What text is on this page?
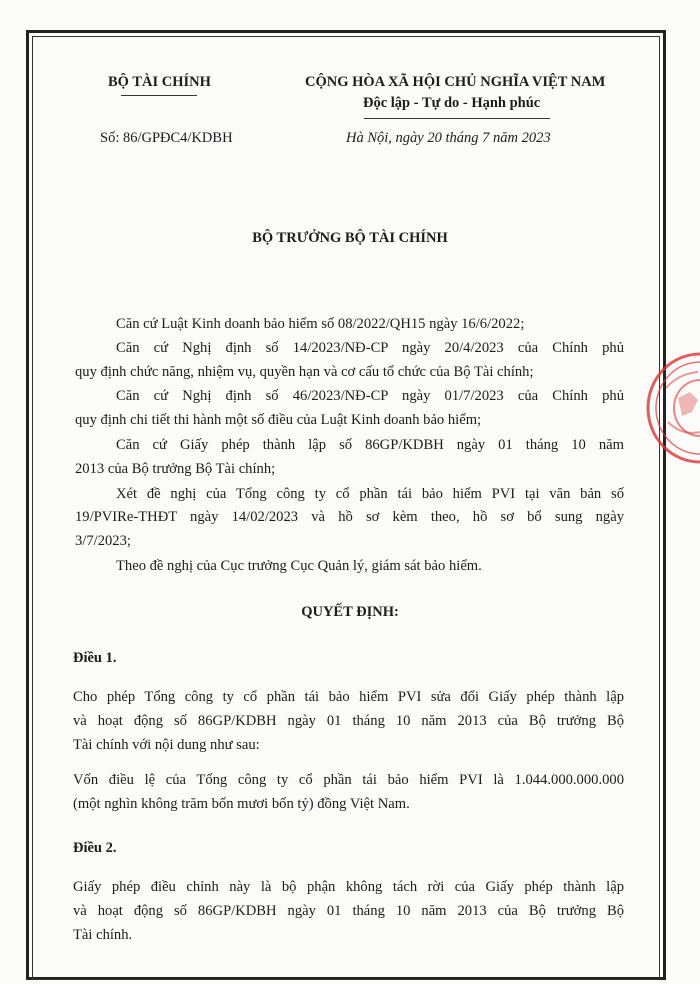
BỘ TÀI CHÍNH	CỘNG HÒA XÃ HỘI CHỦ NGHĨA VIỆT NAM
Độc lập - Tự do - Hạnh phúc
Số: 86/GPĐC4/KDBH	Hà Nội, ngày 20 tháng 7 năm 2023
BỘ TRƯỞNG BỘ TÀI CHÍNH
Căn cứ Luật Kinh doanh bảo hiểm số 08/2022/QH15 ngày 16/6/2022;
Căn cứ Nghị định số 14/2023/NĐ-CP ngày 20/4/2023 của Chính phủ
quy định chức năng, nhiệm vụ, quyền hạn và cơ cấu tổ chức của Bộ Tài chính;
Căn cứ Nghị định số 46/2023/NĐ-CP ngày 01/7/2023 của Chính phủ
quy định chi tiết thi hành một số điều của Luật Kinh doanh bảo hiểm;
Căn cứ Giấy phép thành lập số 86GP/KDBH ngày 01 tháng 10 năm
2013 của Bộ trưởng Bộ Tài chính;
Xét đề nghị của Tổng công ty cổ phần tái bảo hiểm PVI tại văn bản số
19/PVIRe-THĐT ngày 14/02/2023 và hồ sơ kèm theo, hồ sơ bổ sung ngày
3/7/2023;
Theo đề nghị của Cục trưởng Cục Quản lý, giám sát bảo hiểm.
QUYẾT ĐỊNH:
Điều 1.
Cho phép Tổng công ty cổ phần tái bảo hiểm PVI sửa đổi Giấy phép thành lập
và hoạt động số 86GP/KDBH ngày 01 tháng 10 năm 2013 của Bộ trưởng Bộ
Tài chính với nội dung như sau:
Vốn điều lệ của Tổng công ty cổ phần tái bảo hiểm PVI là 1.044.000.000.000
(một nghìn không trăm bốn mươi bốn tỷ) đồng Việt Nam.
Điều 2.
Giấy phép điều chỉnh này là bộ phận không tách rời của Giấy phép thành lập
và hoạt động số 86GP/KDBH ngày 01 tháng 10 năm 2013 của Bộ trưởng Bộ
Tài chính.
